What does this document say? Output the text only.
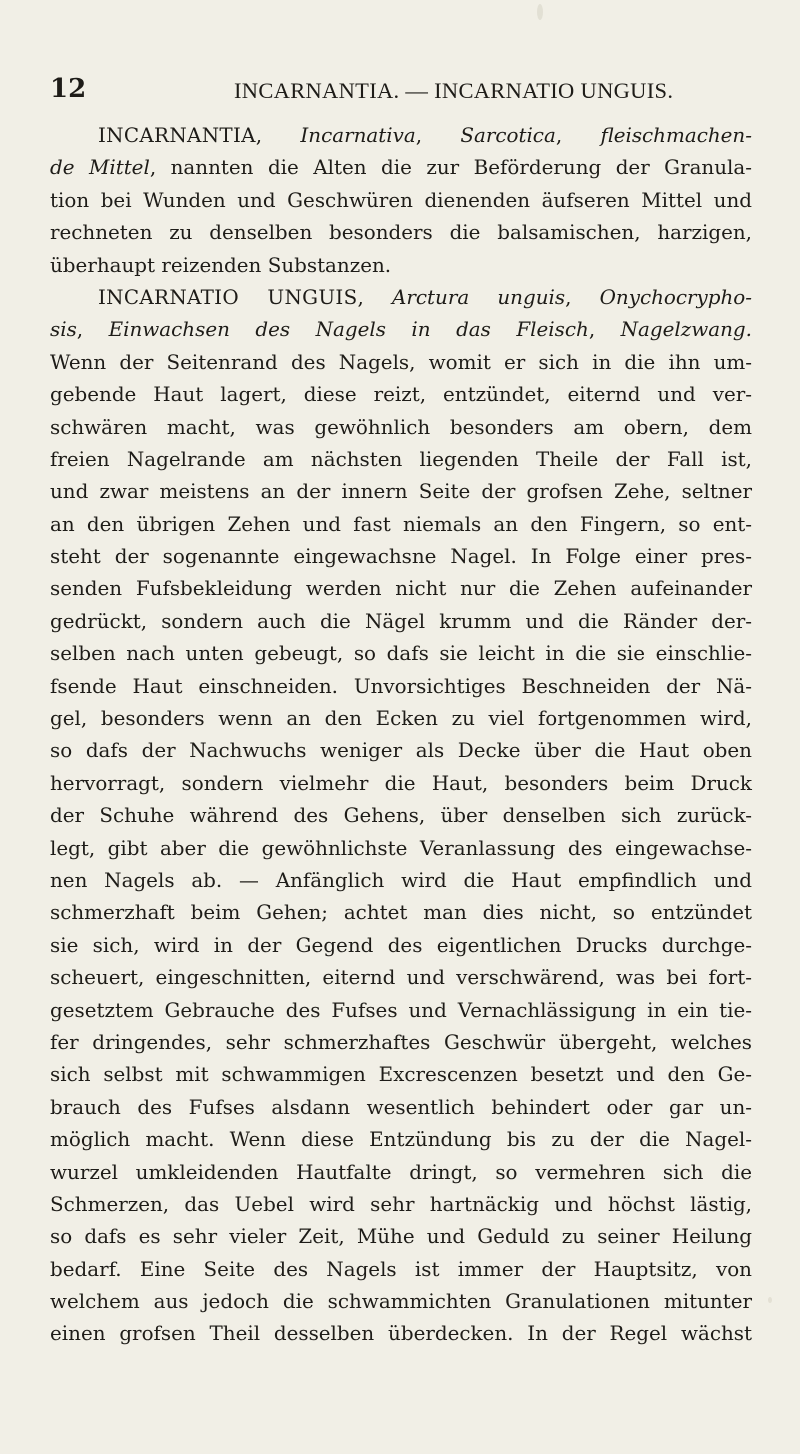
12	INCARNANTIA. — INCARNATIO UNGUIS.
INCARNANTIA, Incarnativa, Sarcotica, fleischmachen-
de Mittel, nannten die Alten die zur Beförderung der Granula-
tion bei Wunden und Geschwüren dienenden äufseren Mittel und
rechneten zu denselben besonders die balsamischen, harzigen,
überhaupt reizenden Substanzen.
INCARNATIO UNGUIS, Arctura unguis, Onychocrypho-
sis, Einwachsen des Nagels in das Fleisch, Nagelzwang.
Wenn der Seitenrand des Nagels, womit er sich in die ihn um-
gebende Haut lagert, diese reizt, entzündet, eiternd und ver-
schwären macht, was gewöhnlich besonders am obern, dem
freien Nagelrande am nächsten liegenden Theile der Fall ist,
und zwar meistens an der innern Seite der grofsen Zehe, seltner
an den übrigen Zehen und fast niemals an den Fingern, so ent-
steht der sogenannte eingewachsne Nagel. In Folge einer pres-
senden Fufsbekleidung werden nicht nur die Zehen aufeinander
gedrückt, sondern auch die Nägel krumm und die Ränder der-
selben nach unten gebeugt, so dafs sie leicht in die sie einschlie-
fsende Haut einschneiden. Unvorsichtiges Beschneiden der Nä-
gel, besonders wenn an den Ecken zu viel fortgenommen wird,
so dafs der Nachwuchs weniger als Decke über die Haut oben
hervorragt, sondern vielmehr die Haut, besonders beim Druck
der Schuhe während des Gehens, über denselben sich zurück-
legt, gibt aber die gewöhnlichste Veranlassung des eingewachse-
nen Nagels ab. — Anfänglich wird die Haut empfindlich und
schmerzhaft beim Gehen; achtet man dies nicht, so entzündet
sie sich, wird in der Gegend des eigentlichen Drucks durchge-
scheuert, eingeschnitten, eiternd und verschwärend, was bei fort-
gesetztem Gebrauche des Fufses und Vernachlässigung in ein tie-
fer dringendes, sehr schmerzhaftes Geschwür übergeht, welches
sich selbst mit schwammigen Excrescenzen besetzt und den Ge-
brauch des Fufses alsdann wesentlich behindert oder gar un-
möglich macht. Wenn diese Entzündung bis zu der die Nagel-
wurzel umkleidenden Hautfalte dringt, so vermehren sich die
Schmerzen, das Uebel wird sehr hartnäckig und höchst lästig,
so dafs es sehr vieler Zeit, Mühe und Geduld zu seiner Heilung
bedarf. Eine Seite des Nagels ist immer der Hauptsitz, von
welchem aus jedoch die schwammichten Granulationen mitunter
einen grofsen Theil desselben überdecken. In der Regel wächst
